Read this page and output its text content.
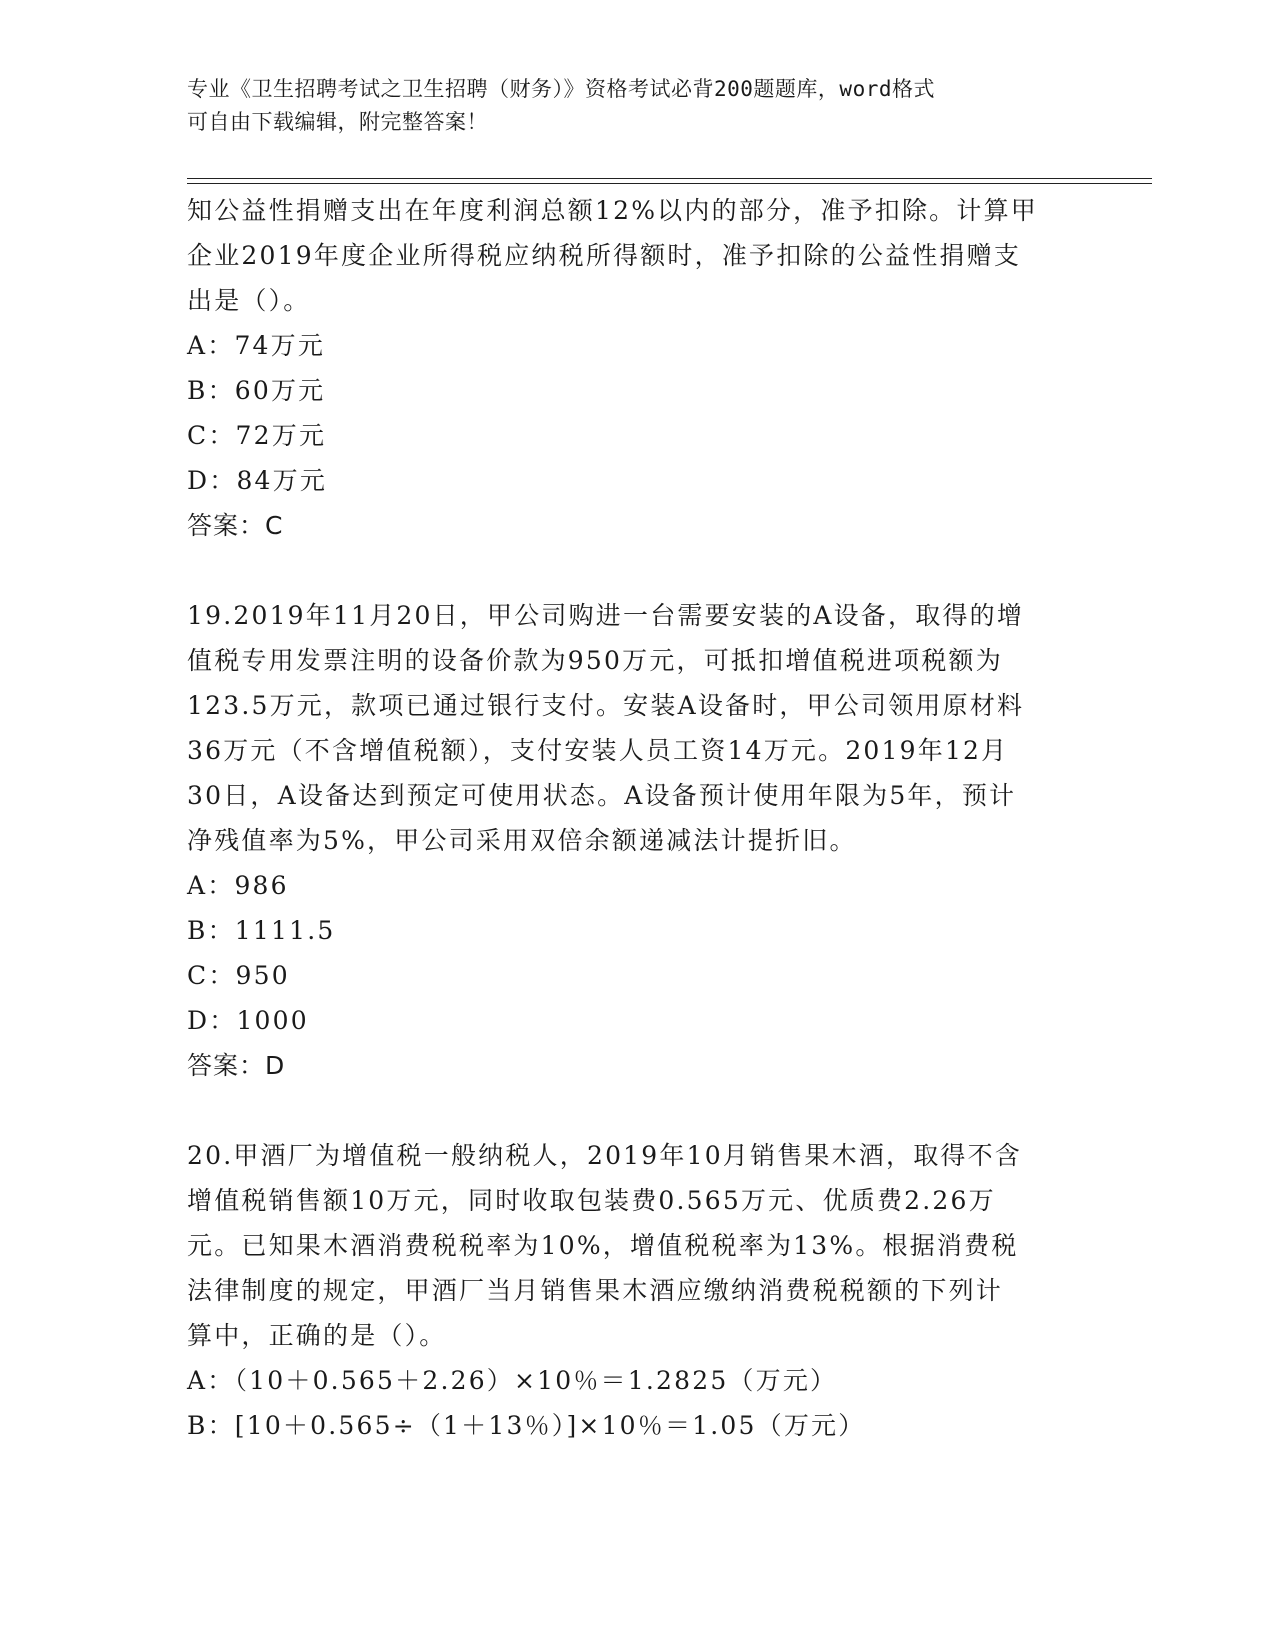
专业《卫生招聘考试之卫生招聘（财务）》资格考试必背200题题库，word格式
可自由下载编辑，附完整答案！
知公益性捐赠支出在年度利润总额12%以内的部分，准予扣除。计算甲
企业2019年度企业所得税应纳税所得额时，准予扣除的公益性捐赠支
出是（）。
A：74万元
B：60万元
C：72万元
D：84万元
答案：C
19.2019年11月20日，甲公司购进一台需要安装的A设备，取得的增
值税专用发票注明的设备价款为950万元，可抵扣增值税进项税额为
123.5万元，款项已通过银行支付。安装A设备时，甲公司领用原材料
36万元（不含增值税额），支付安装人员工资14万元。2019年12月
30日，A设备达到预定可使用状态。A设备预计使用年限为5年，预计
净残值率为5%，甲公司采用双倍余额递减法计提折旧。
A：986
B：1111.5
C：950
D：1000
答案：D
20.甲酒厂为增值税一般纳税人，2019年10月销售果木酒，取得不含
增值税销售额10万元，同时收取包装费0.565万元、优质费2.26万
元。已知果木酒消费税税率为10%，增值税税率为13%。根据消费税
法律制度的规定，甲酒厂当月销售果木酒应缴纳消费税税额的下列计
算中，正确的是（）。
A：（10＋0.565＋2.26）×10％＝1.2825（万元）
B：[10＋0.565÷（1＋13％）]×10％＝1.05（万元）
